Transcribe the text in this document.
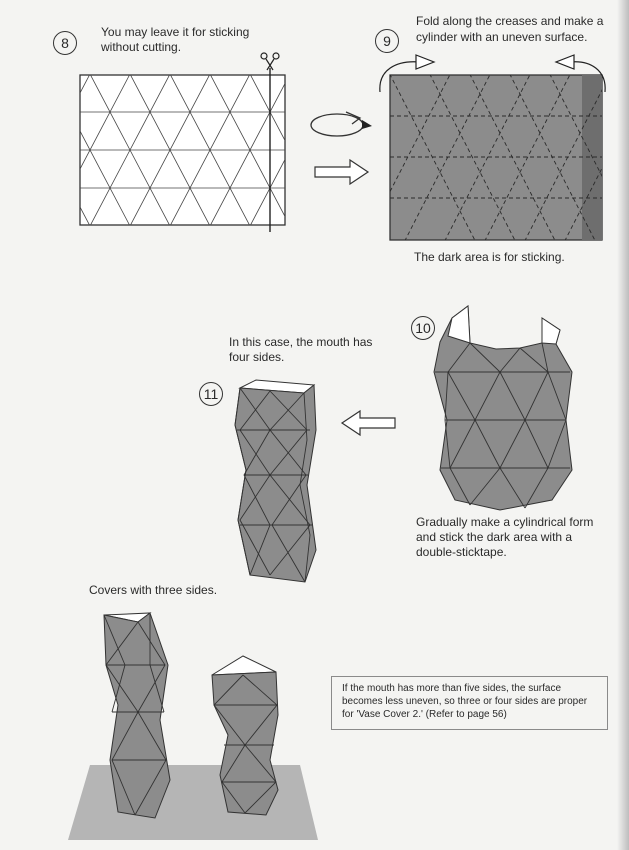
8
You may leave it for sticking
without cutting.	9
Fold along the creases and make a
cylinder with an uneven surface.
The dark area is for sticking.
10
Gradually make a cylindrical form
and stick the dark area with a
double-sticktape.
11
In this case, the mouth has
four sides.
Covers with three sides.
If the mouth has more than five sides, the surface
becomes less uneven, so three or four sides are proper
for 'Vase Cover 2.' (Refer to page 56)
